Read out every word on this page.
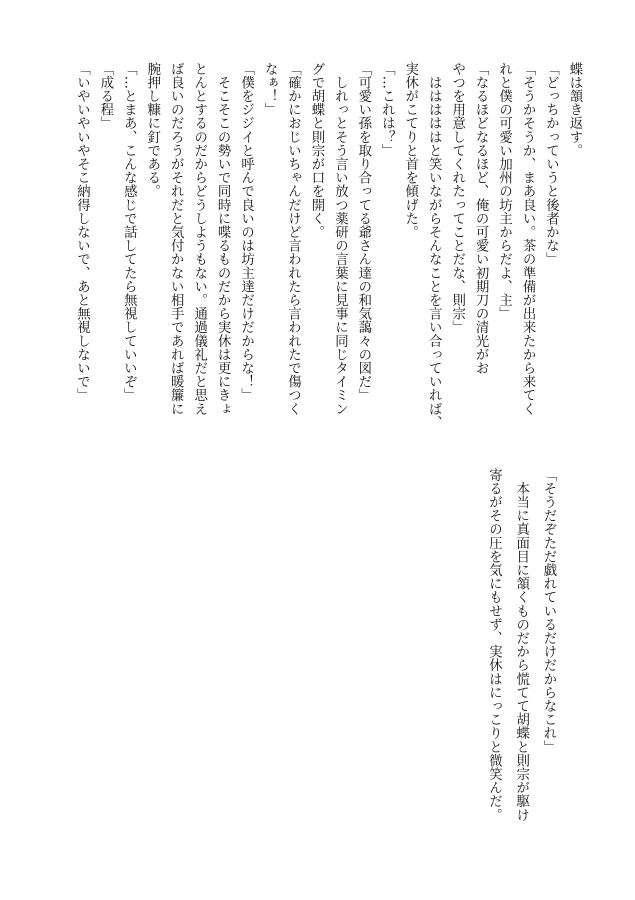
蝶は頷き返す。
「どっちかっていうと後者かな」
「そうかそうか、まあ良い。茶の準備が出来たから来てく
れと僕の可愛い加州の坊主からだよ、主」
「なるほどなるほど、俺の可愛い初期刀の清光がお
やつを用意してくれたってことだな、則宗」
　はははははと笑いながらそんなことを言い合っていれば、
実休がこてりと首を傾げた。
「…これは？」
「可愛い孫を取り合ってる爺さん達の和気藹々の図だ」
　しれっとそう言い放つ薬研の言葉に見事に同じタイミン
グで胡蝶と則宗が口を開く。
「確かにおじいちゃんだけど言われたら言われたで傷つく
なぁ！」
「僕をジジイと呼んで良いのは坊主達だけだからな！」
　そこそこの勢いで同時に喋るものだから実休は更にきょ
とんとするのだからどうしようもない。通過儀礼だと思え
ば良いのだろうがそれだと気付かない相手であれば暖簾に
腕押し糠に釘である。
「…とまあ、こんな感じで話してたら無視していいぞ」
「成る程」
「いやいやいやそこ納得しないで、あと無視しないで」
「そうだぞただ戯れているだけだからなこれ」
　本当に真面目に頷くものだから慌てて胡蝶と則宗が駆け
寄るがその圧を気にもせず、実休はにっこりと微笑んだ。
